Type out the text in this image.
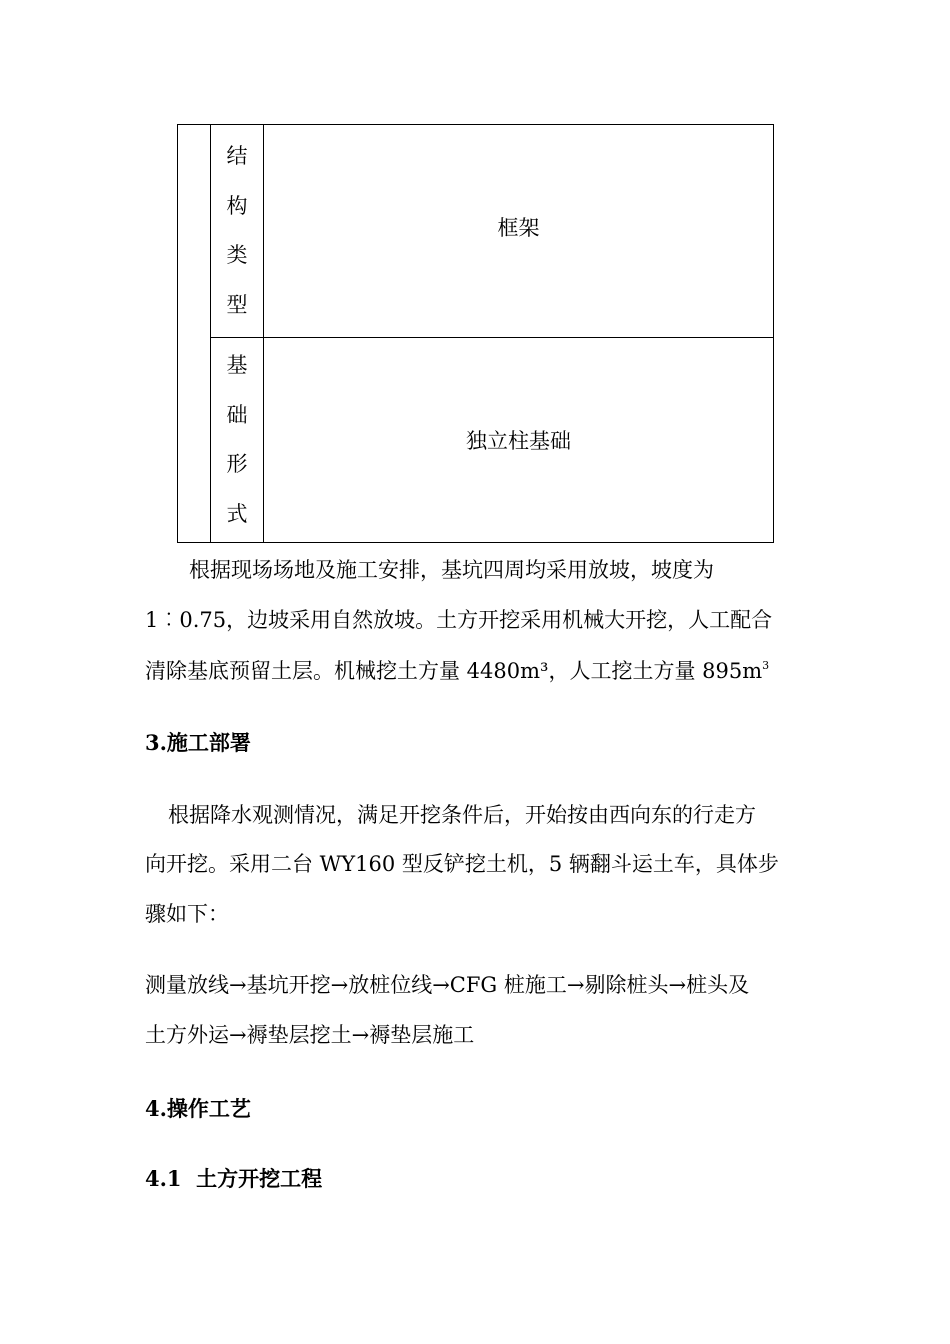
	结
构
类
型	框架

	基
础
形
式	独立柱基础
根据现场场地及施工安排，基坑四周均采用放坡，坡度为
1︰0.75，边坡采用自然放坡。土方开挖采用机械大开挖，人工配合
清除基底预留土层。机械挖土方量 4480m³，人工挖土方量 $895m^3$
3.施工部署
根据降水观测情况，满足开挖条件后，开始按由西向东的行走方
向开挖。采用二台 WY160 型反铲挖土机，5 辆翻斗运土车，具体步
骤如下：
测量放线→基坑开挖→放桩位线→CFG 桩施工→剔除桩头→桩头及
土方外运→褥垫层挖土→褥垫层施工
4.操作工艺
4.1  土方开挖工程
